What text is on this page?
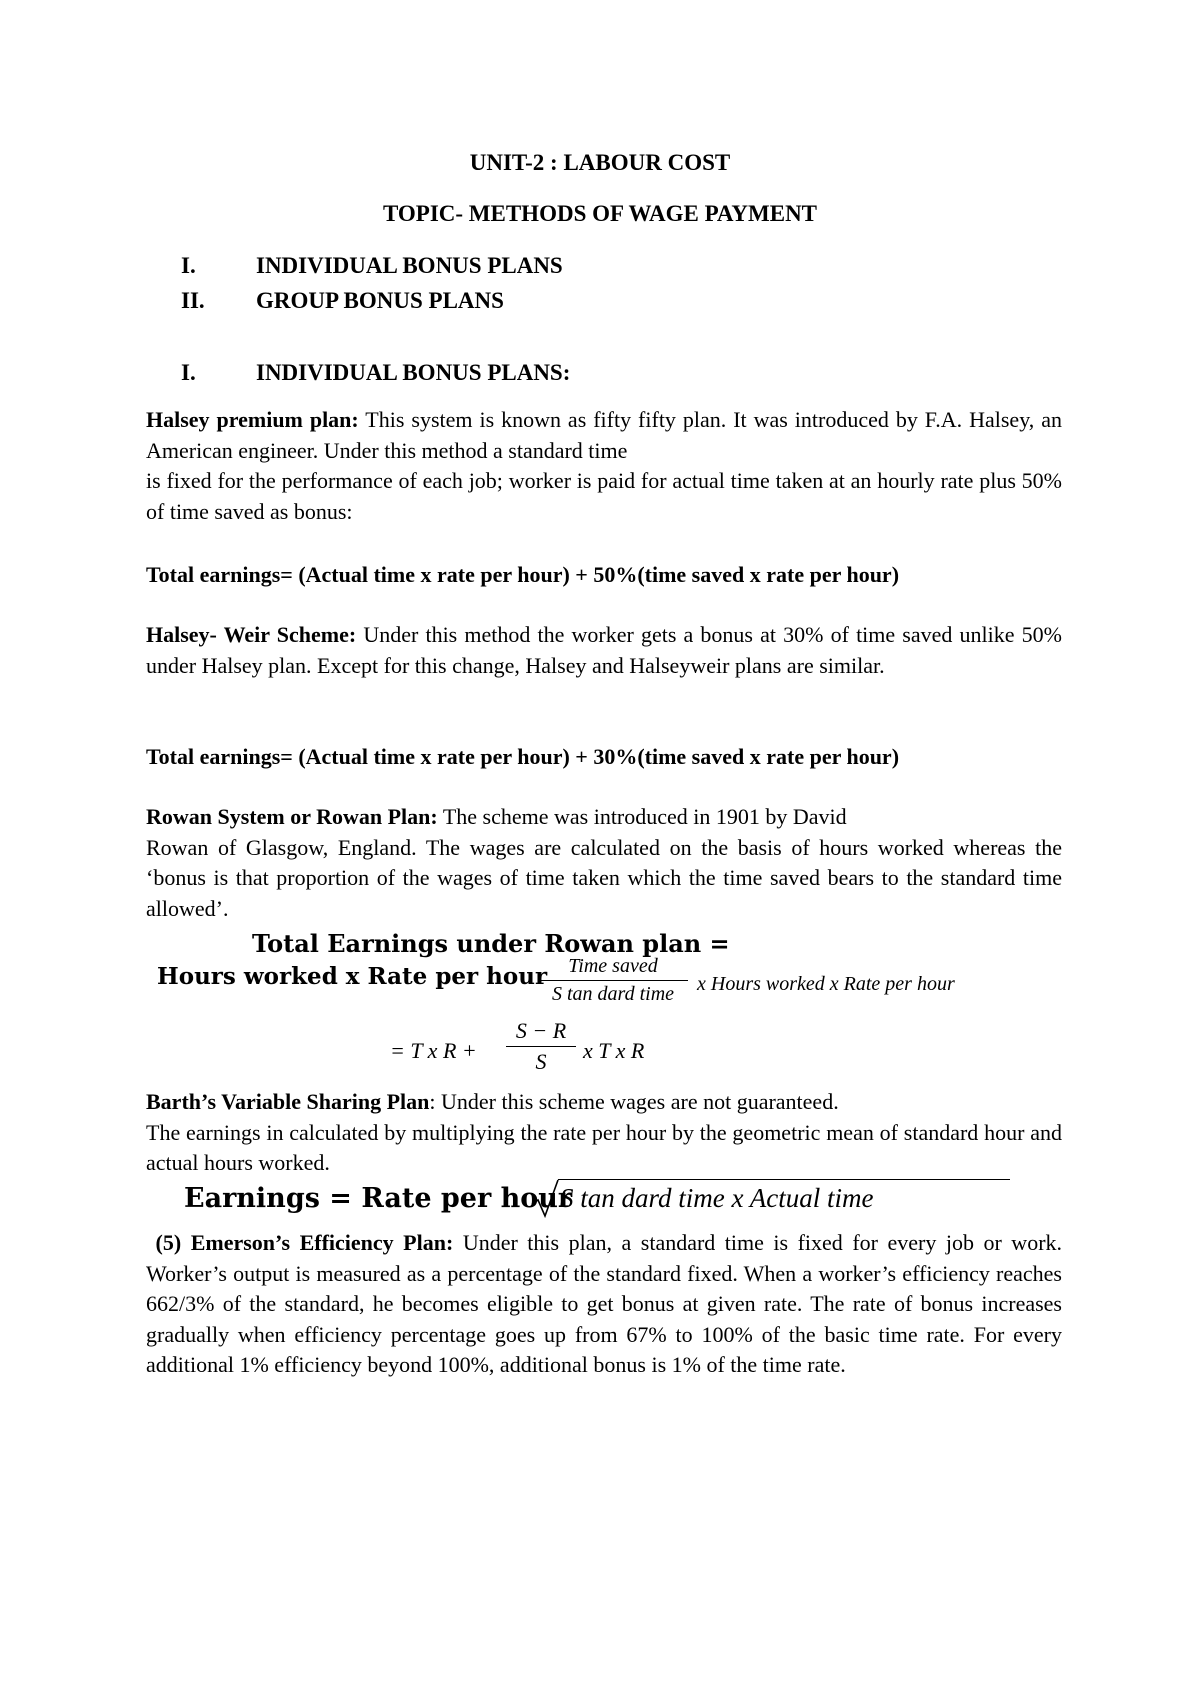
UNIT-2 : LABOUR COST
TOPIC- METHODS OF WAGE PAYMENT
I.	INDIVIDUAL BONUS PLANS
II. GROUP BONUS PLANS
I.	INDIVIDUAL BONUS PLANS:
Halsey premium plan: This system is known as fifty fifty plan. It was introduced by F.A. Halsey, an American engineer. Under this method a standard time
is fixed for the performance of each job; worker is paid for actual time taken at an hourly rate plus 50% of time saved as bonus:
Total earnings= (Actual time x rate per hour) + 50%(time saved x rate per hour)
Halsey- Weir Scheme: Under this method the worker gets a bonus at 30% of time saved unlike 50% under Halsey plan. Except for this change, Halsey and Halseyweir plans are similar.
Total earnings= (Actual time x rate per hour) + 30%(time saved x rate per hour)
Rowan System or Rowan Plan: The scheme was introduced in 1901 by David
Rowan of Glasgow, England. The wages are calculated on the basis of hours worked whereas the ‘bonus is that proportion of the wages of time taken which the time saved bears to the standard time allowed’.
Total Earnings under Rowan plan =
Hours worked x Rate per hour	Time saved
S tan dard time	x Hours worked x Rate per hour
= T x R +
S − R
S	x T x R
Barth’s Variable Sharing Plan: Under this scheme wages are not guaranteed.
The earnings in calculated by multiplying the rate per hour by the geometric mean of standard hour and actual hours worked.
Earnings = Rate per hour
S tan dard time x Actual time
(5) Emerson’s Efficiency Plan: Under this plan, a standard time is fixed for every job or work. Worker’s output is measured as a percentage of the standard fixed. When a worker’s efficiency reaches 662/3% of the standard, he becomes eligible to get bonus at given rate. The rate of bonus increases gradually when efficiency percentage goes up from 67% to 100% of the basic time rate. For every additional 1% efficiency beyond 100%, additional bonus is 1% of the time rate.
